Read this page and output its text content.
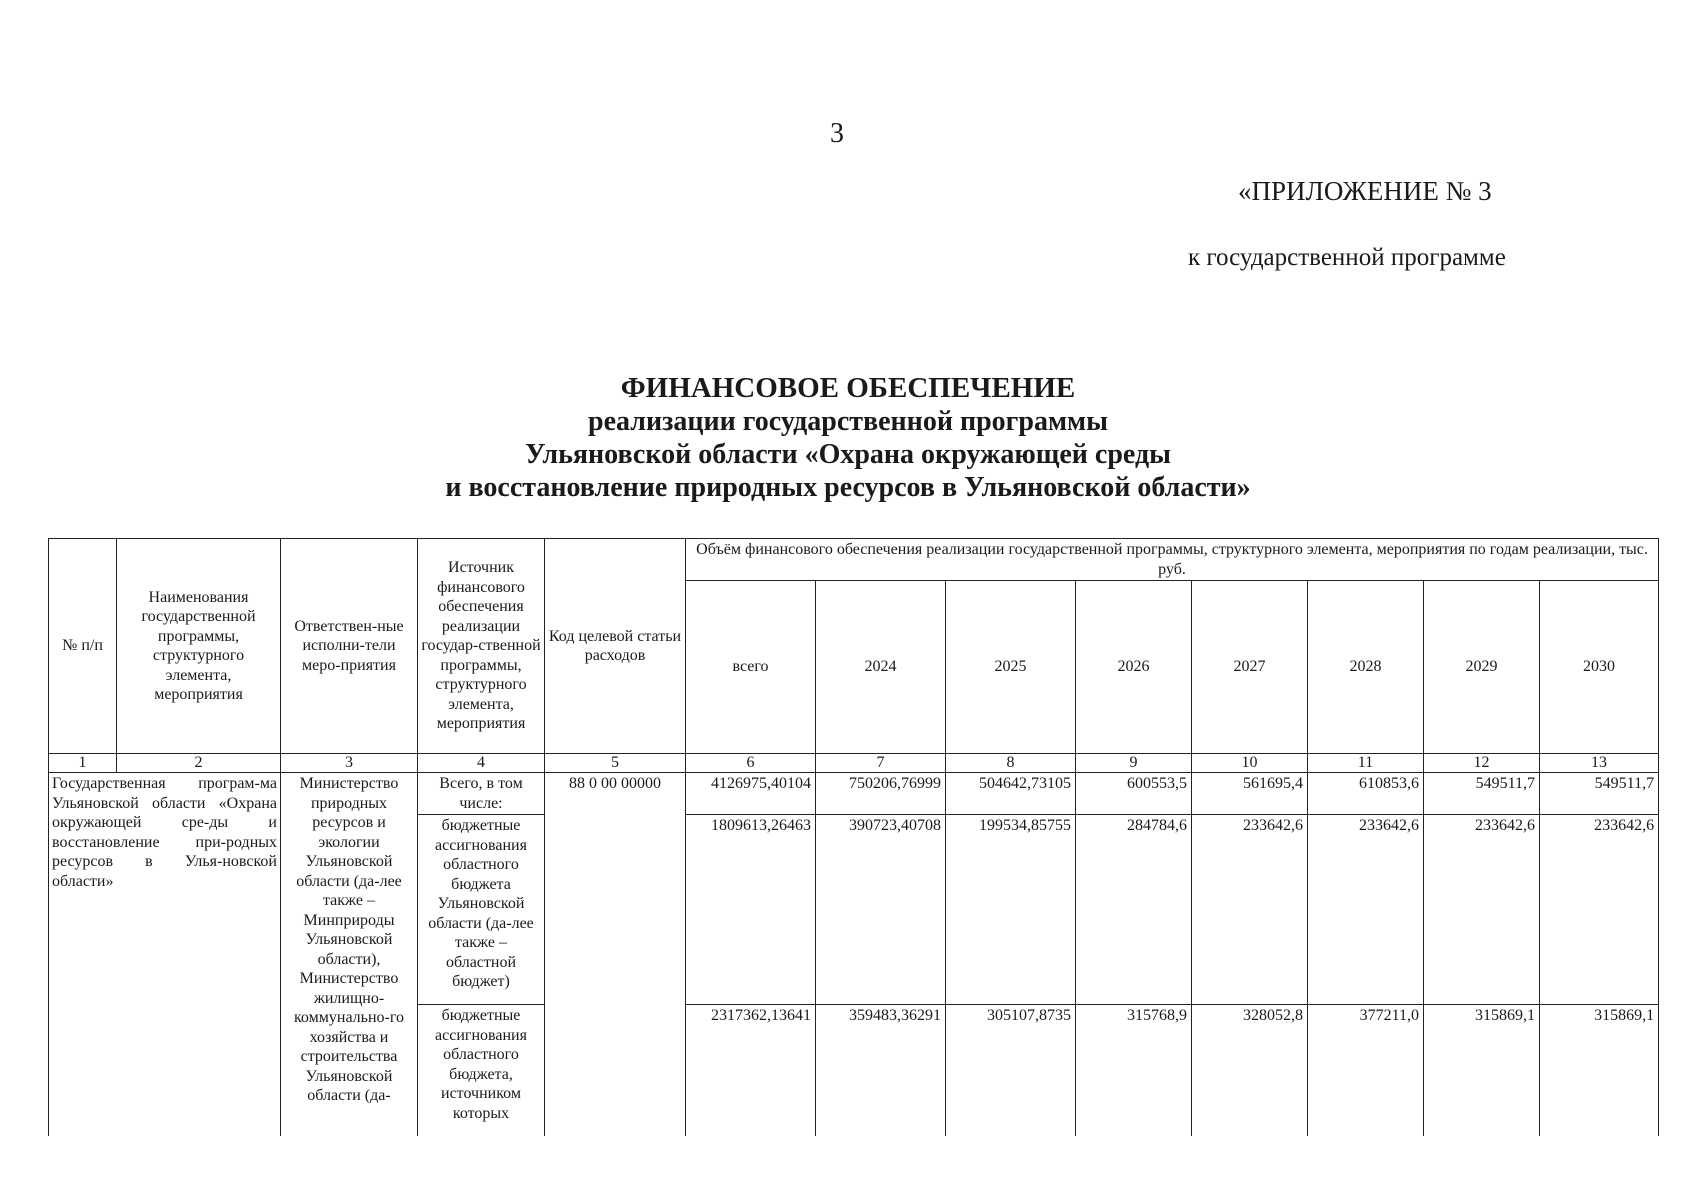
3
«ПРИЛОЖЕНИЕ № 3
к государственной программе
ФИНАНСОВОЕ ОБЕСПЕЧЕНИЕ
реализации государственной программы
Ульяновской области «Охрана окружающей среды
и восстановление природных ресурсов в Ульяновской области»
№ п/п	Наименования государственной программы, структурного элемента, мероприятия	Ответствен-ные исполни-тели меро-приятия	Источник финансового обеспечения реализации государ-ственной программы, структурного элемента, мероприятия	Код целевой статьи расходов	Объём финансового обеспечения реализации государственной программы, структурного элемента, мероприятия по годам реализации, тыс. руб.							
					всего	2024	2025	2026	2027	2028	2029	2030
1	2	3	4	5	6	7	8	9	10	11	12	13
Государственная програм-ма Ульяновской области «Охрана окружающей сре-ды и восстановление при-родных ресурсов в Улья-новской области»		Министерство природных ресурсов и экологии Ульяновской области (да-лее также – Минприроды Ульяновской области), Министерство жилищно-коммунально-го хозяйства и строительства Ульяновской области (да-	Всего, в том числе:	88 0 00 00000	4126975,40104	750206,76999	504642,73105	600553,5	561695,4	610853,6	549511,7	549511,7
			бюджетные ассигнования областного бюджета Ульяновской области (да-лее также – областной бюджет)		1809613,26463	390723,40708	199534,85755	284784,6	233642,6	233642,6	233642,6	233642,6
			бюджетные ассигнования областного бюджета, источником которых		2317362,13641	359483,36291	305107,8735	315768,9	328052,8	377211,0	315869,1	315869,1
